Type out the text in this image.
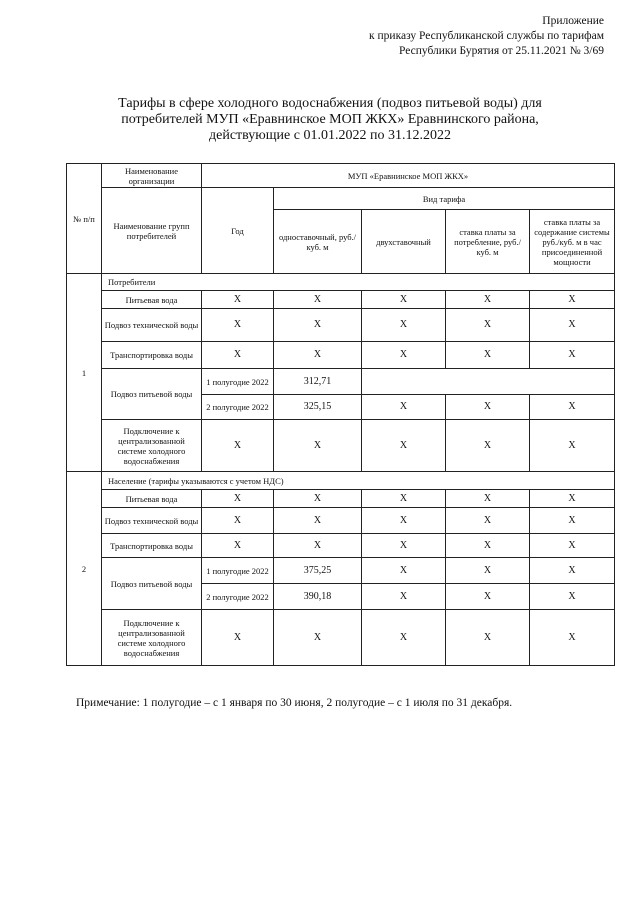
Приложение
к приказу Республиканской службы по тарифам
Республики Бурятия от 25.11.2021 № 3/69
Тарифы в сфере холодного водоснабжения (подвоз питьевой воды) для
потребителей МУП «Еравнинское МОП ЖКХ» Еравнинского района,
действующие с 01.01.2022 по 31.12.2022
№ п/п	Наименование организации	МУП «Еравнинское МОП ЖКХ»				
	Наименование групп потребителей	Год	Вид тарифа			
			одноставочный, руб./ куб. м	двухставочный	ставка платы за потребление, руб./ куб. м	ставка платы за содержание системы руб./куб. м в час присоединенной мощности
1	Потребители					
	Питьевая вода	X	X	X	X	X
	Подвоз технической воды	X	X	X	X	X
	Транспортировка воды	X	X	X	X	X
	Подвоз питьевой воды	1 полугодие 2022	312,71			
		2 полугодие 2022	325,15	X	X	X
	Подключение к централизованной системе холодного водоснабжения	X	X	X	X	X
2	Население (тарифы указываются с учетом НДС)					
	Питьевая вода	X	X	X	X	X
	Подвоз технической воды	X	X	X	X	X
	Транспортировка воды	X	X	X	X	X
	Подвоз питьевой воды	1 полугодие 2022	375,25	X	X	X
		2 полугодие 2022	390,18	X	X	X
	Подключение к централизованной системе холодного водоснабжения	X	X	X	X	X
Примечание: 1 полугодие – с 1 января по 30 июня, 2 полугодие – с 1 июля по 31 декабря.
